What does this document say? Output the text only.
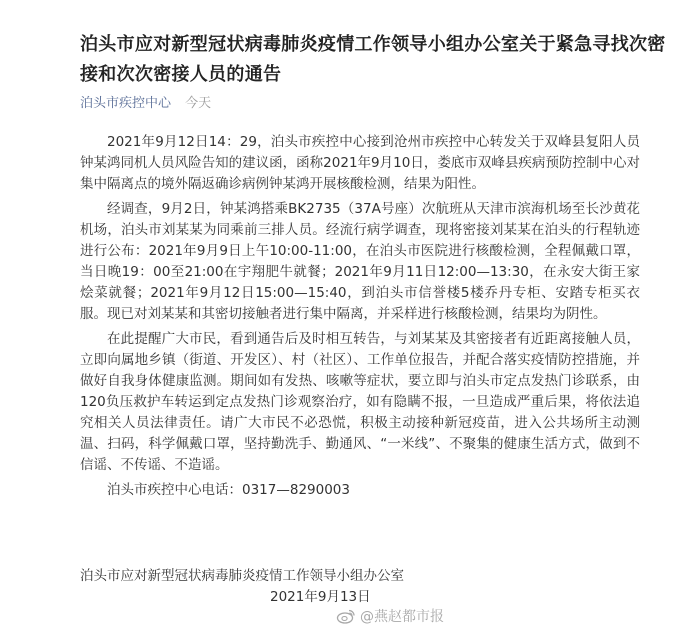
泊头市应对新型冠状病毒肺炎疫情工作领导小组办公室关于紧急寻找次密接和次次密接人员的通告
泊头市疾控中心 今天

2021年9月12日14：29，泊头市疾控中心接到沧州市疾控中心转发关于双峰县复阳人员钟某鸿同机人员风险告知的建议函，函称2021年9月10日，娄底市双峰县疾病预防控制中心对集中隔离点的境外隔返确诊病例钟某鸿开展核酸检测，结果为阳性。

经调查，9月2日，钟某鸿搭乘BK2735（37A号座）次航班从天津市滨海机场至长沙黄花机场，泊头市刘某某为同乘前三排人员。经流行病学调查，现将密接刘某某在泊头的行程轨迹进行公布：2021年9月9日上午10:00-11:00，在泊头市医院进行核酸检测，全程佩戴口罩，当日晚19：00至21:00在宇翔肥牛就餐；2021年9月11日12:00—13:30，在永安大街王家烩菜就餐；2021年9月12日15:00—15:40，到泊头市信誉楼5楼乔丹专柜、安踏专柜买衣服。现已对刘某某和其密切接触者进行集中隔离，并采样进行核酸检测，结果均为阴性。

在此提醒广大市民，看到通告后及时相互转告，与刘某某及其密接者有近距离接触人员，立即向属地乡镇（街道、开发区）、村（社区）、工作单位报告，并配合落实疫情防控措施，并做好自我身体健康监测。期间如有发热、咳嗽等症状，要立即与泊头市定点发热门诊联系，由120负压救护车转运到定点发热门诊观察治疗，如有隐瞒不报，一旦造成严重后果，将依法追究相关人员法律责任。请广大市民不必恐慌，积极主动接种新冠疫苗，进入公共场所主动测温、扫码，科学佩戴口罩，坚持勤洗手、勤通风、“一米线”、不聚集的健康生活方式，做到不信谣、不传谣、不造谣。

泊头市疾控中心电话：0317—8290003

泊头市应对新型冠状病毒肺炎疫情工作领导小组办公室
2021年9月13日
@燕赵都市报
